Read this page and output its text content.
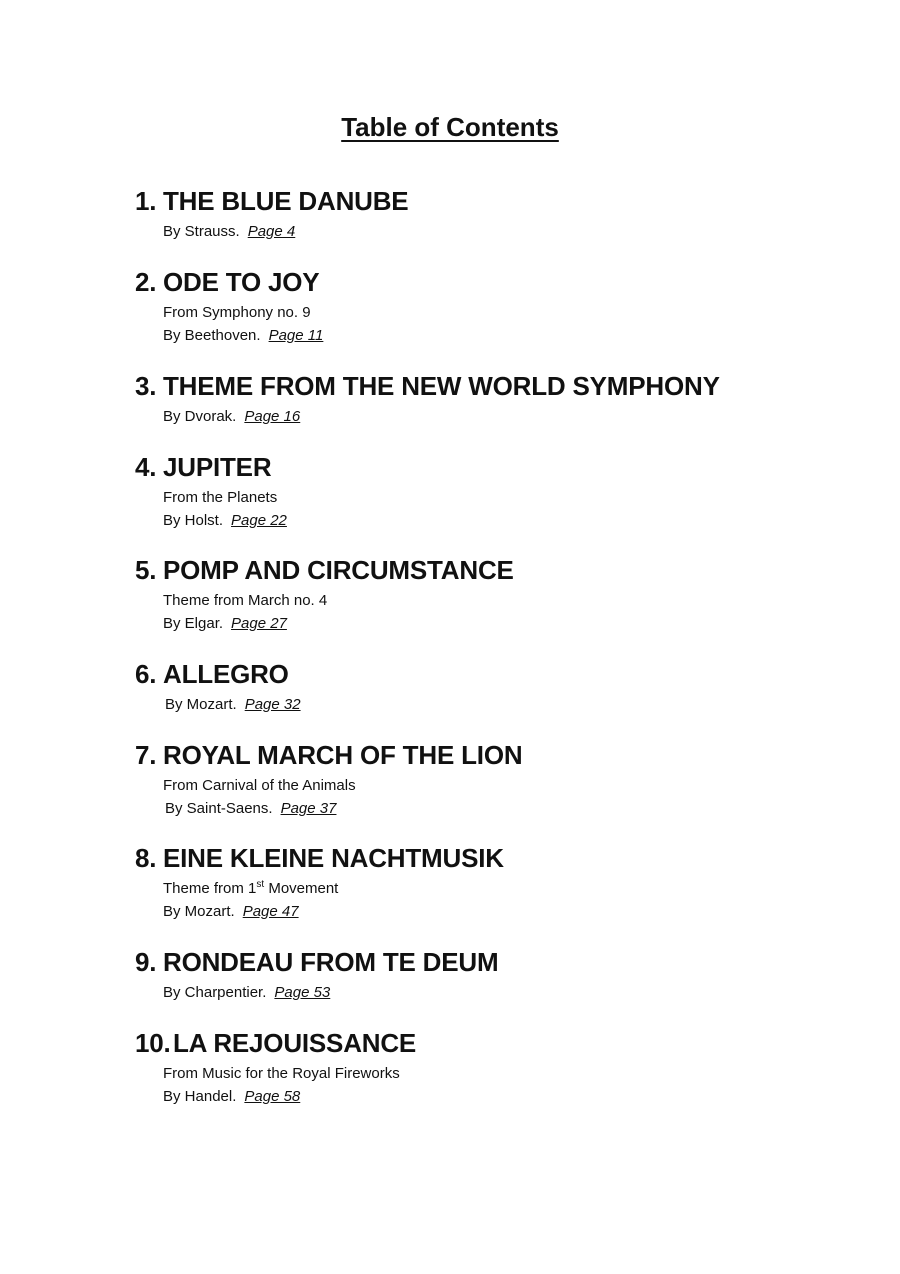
Table of Contents
1. THE BLUE DANUBE
By Strauss. Page 4
2. ODE TO JOY
From Symphony no. 9
By Beethoven. Page 11
3. THEME FROM THE NEW WORLD SYMPHONY
By Dvorak. Page 16
4. JUPITER
From the Planets
By Holst. Page 22
5. POMP AND CIRCUMSTANCE
Theme from March no. 4
By Elgar. Page 27
6. ALLEGRO
By Mozart. Page 32
7. ROYAL MARCH OF THE LION
From Carnival of the Animals
By Saint-Saens. Page 37
8. EINE KLEINE NACHTMUSIK
Theme from 1st Movement
By Mozart. Page 47
9. RONDEAU FROM TE DEUM
By Charpentier. Page 53
10. LA REJOUISSANCE
From Music for the Royal Fireworks
By Handel. Page 58
